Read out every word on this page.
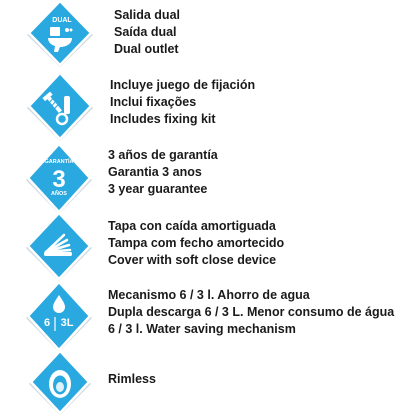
DUAL	Salida dual
Saída dual
Dual outlet
Incluye juego de fijación
Inclui fixações
Includes fixing kit
GARANTÍA
3
AÑOS
3 años de garantía
Garantia 3 anos
3 year guarantee
Tapa con caída amortiguada
Tampa com fecho amortecido
Cover with soft close device
6 3L
Mecanismo 6 / 3 l. Ahorro de agua
Dupla descarga 6 / 3 L. Menor consumo de água
6 / 3 l. Water saving mechanism
Rimless
